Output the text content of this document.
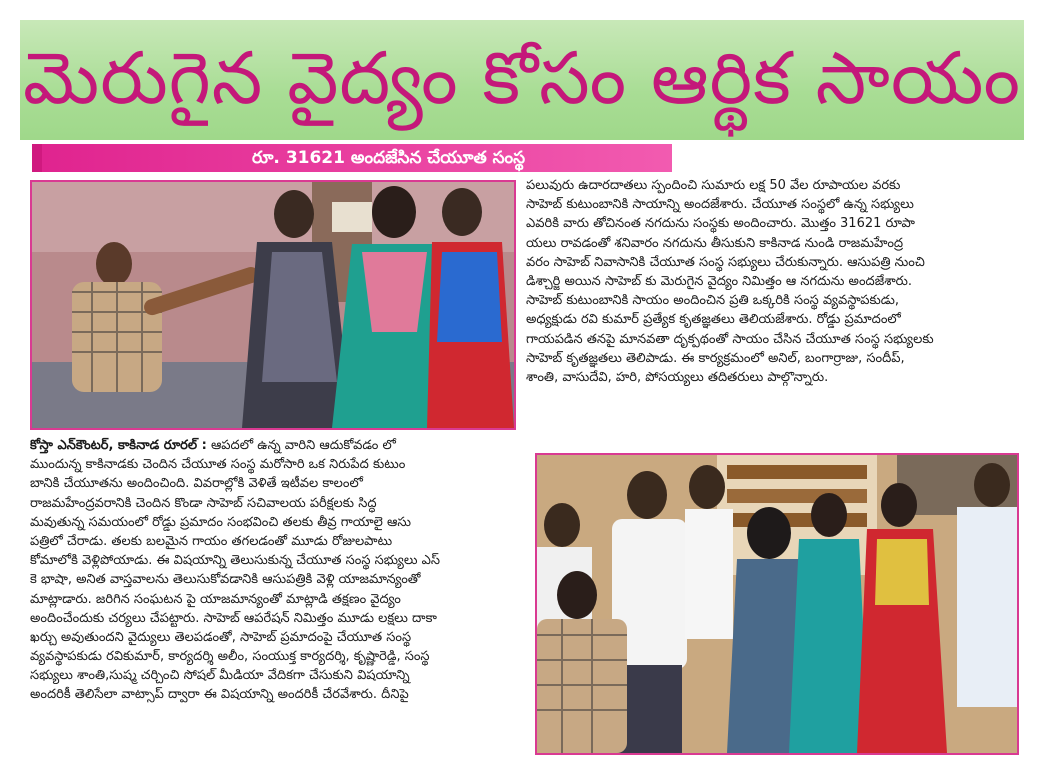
మెరుగైన వైద్యం కోసం ఆర్థిక సాయం
రూ. 31621 అందజేసిన చేయూత సంస్థ
పలువురు ఉదారదాతలు స్పందించి సుమారు లక్ష 50 వేల రూపాయల వరకు
సాహెబ్ కుటుంబానికి సాయాన్ని అందజేశారు. చేయూత సంస్థలో ఉన్న సభ్యులు
ఎవరికి వారు తోచినంత నగదును సంస్థకు అందించారు. మొత్తం 31621 రూపా
యలు రావడంతో శనివారం నగదును తీసుకుని కాకినాడ నుండి రాజమహేంద్ర
వరం సాహెబ్ నివాసానికి చేయూత సంస్థ సభ్యులు చేరుకున్నారు. ఆసుపత్రి నుంచి
డిశ్చార్జి అయిన సాహెబ్ కు మెరుగైన వైద్యం నిమిత్తం ఆ నగదును అందజేశారు.
సాహెబ్ కుటుంబానికి సాయం అందించిన ప్రతి ఒక్కరికి సంస్థ వ్యవస్థాపకుడు,
అధ్యక్షుడు రవి కుమార్ ప్రత్యేక కృతజ్ఞతలు తెలియజేశారు. రోడ్డు ప్రమాదంలో
గాయపడిన తనపై మానవతా దృక్పథంతో సాయం చేసిన చేయూత సంస్థ సభ్యులకు
సాహెబ్ కృతజ్ఞతలు తెలిపాడు. ఈ కార్యక్రమంలో అనిల్, బంగార్రాజు, సందీప్,
శాంతి, వాసుదేవి, హరి, పోసయ్యలు తదితరులు పాల్గొన్నారు.
కోస్తా ఎన్‌కౌంటర్, కాకినాడ రూరల్ : ఆపదలో ఉన్న వారిని ఆదుకోవడం లో
ముందున్న కాకినాడకు చెందిన చేయూత సంస్థ మరోసారి ఒక నిరుపేద కుటుం
బానికి చేయూతను అందించింది. వివరాల్లోకి వెళితే ఇటీవల కాలంలో
రాజమహేంద్రవరానికి చెందిన కొండా సాహెబ్ సచివాలయ పరీక్షలకు సిద్ధ
మవుతున్న సమయంలో రోడ్డు ప్రమాదం సంభవించి తలకు తీవ్ర గాయాలై ఆసు
పత్రిలో చేరాడు. తలకు బలమైన గాయం తగలడంతో మూడు రోజులపాటు
కోమాలోకి వెళ్లిపోయాడు. ఈ విషయాన్ని తెలుసుకున్న చేయూత సంస్థ సభ్యులు ఎస్
కె భాషా, అనిత వాస్తవాలను తెలుసుకోవడానికి ఆసుపత్రికి వెళ్లి యాజమాన్యంతో
మాట్లాడారు. జరిగిన సంఘటన పై యాజమాన్యంతో మాట్లాడి తక్షణం వైద్యం
అందించేందుకు చర్యలు చేపట్టారు. సాహెబ్ ఆపరేషన్ నిమిత్తం మూడు లక్షలు దాకా
ఖర్చు అవుతుందని వైద్యులు తెలపడంతో, సాహెబ్ ప్రమాదంపై చేయూత సంస్థ
వ్యవస్థాపకుడు రవికుమార్, కార్యదర్శి అలీం, సంయుక్త కార్యదర్శి, కృష్ణారెడ్డి, సంస్థ
సభ్యులు శాంతి,సుష్మ చర్చించి సోషల్ మీడియా వేదికగా చేసుకుని విషయాన్ని
అందరికీ తెలిసేలా వాట్సాప్ ద్వారా ఈ విషయాన్ని అందరికీ చేరవేశారు. దీనిపై
